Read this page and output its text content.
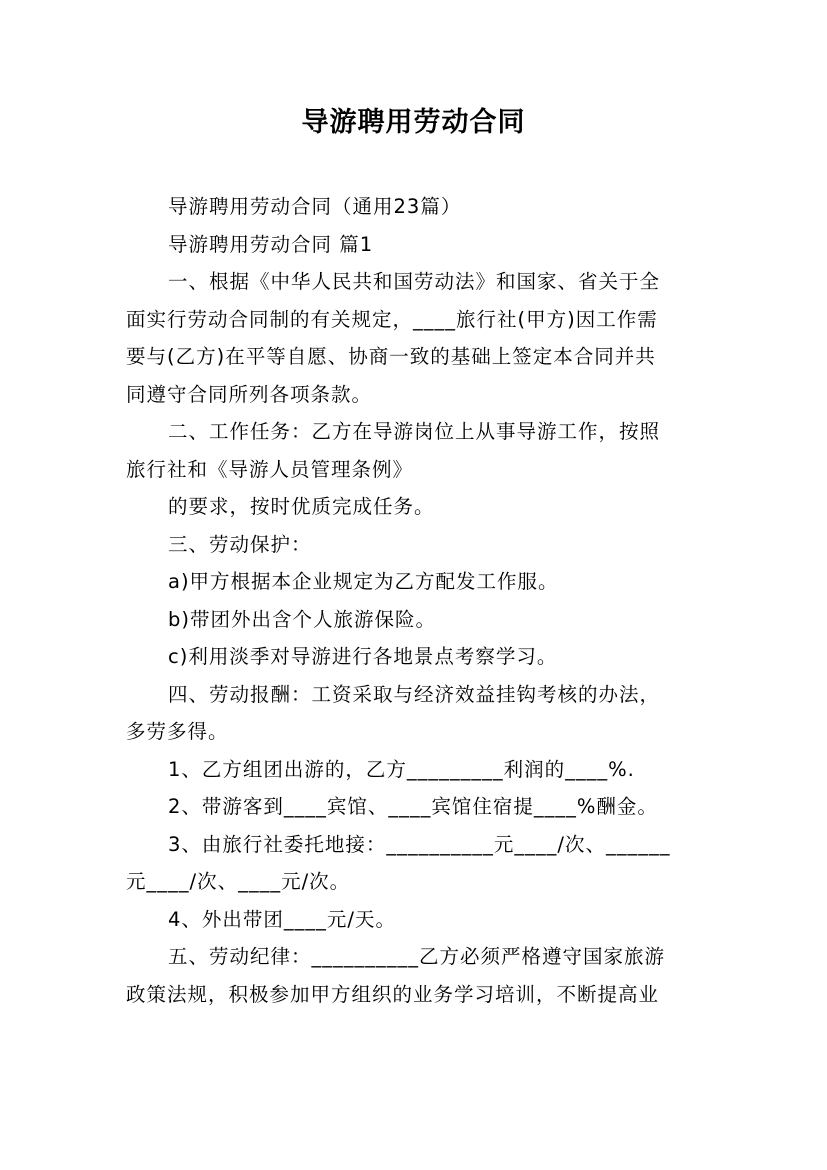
导游聘用劳动合同

导游聘用劳动合同（通用23篇）

导游聘用劳动合同 篇1

一、根据《中华人民共和国劳动法》和国家、省关于全

面实行劳动合同制的有关规定，____旅行社(甲方)因工作需

要与(乙方)在平等自愿、协商一致的基础上签定本合同并共

同遵守合同所列各项条款。

二、工作任务：乙方在导游岗位上从事导游工作，按照

旅行社和《导游人员管理条例》

的要求，按时优质完成任务。

三、劳动保护：

a)甲方根据本企业规定为乙方配发工作服。

b)带团外出含个人旅游保险。

c)利用淡季对导游进行各地景点考察学习。

四、劳动报酬：工资采取与经济效益挂钩考核的办法，

多劳多得。

1、乙方组团出游的，乙方_________利润的____%.

2、带游客到____宾馆、____宾馆住宿提____%酬金。

3、由旅行社委托地接：__________元____/次、______

元____/次、____元/次。

4、外出带团____元/天。

五、劳动纪律：__________乙方必须严格遵守国家旅游

政策法规，积极参加甲方组织的业务学习培训，不断提高业
